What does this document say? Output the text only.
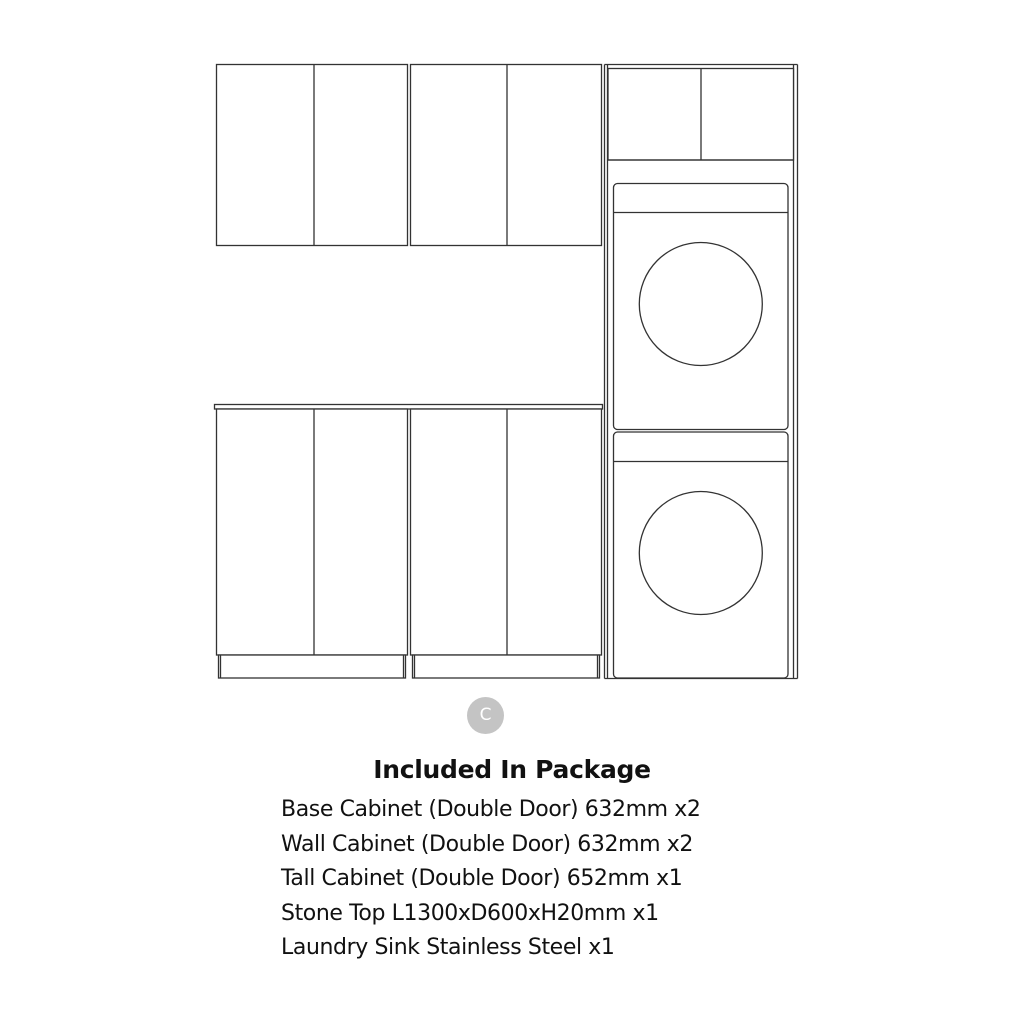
C
Included In Package
Base Cabinet (Double Door) 632mm x2
Wall Cabinet (Double Door) 632mm x2
Tall Cabinet (Double Door) 652mm x1
Stone Top L1300xD600xH20mm x1
Laundry Sink Stainless Steel x1
